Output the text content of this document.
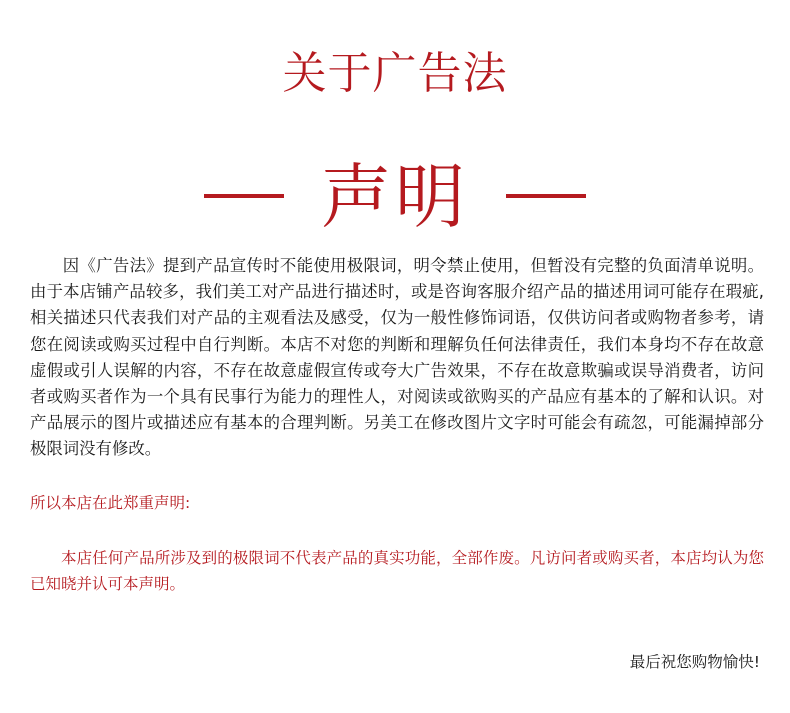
关于广告法
声明

因《广告法》提到产品宣传时不能使用极限词，明令禁止使用，但暂没有完整的负面清单说明。由于本店铺产品较多，我们美工对产品进行描述时，或是咨询客服介绍产品的描述用词可能存在瑕疵,相关描述只代表我们对产品的主观看法及感受，仅为一般性修饰词语，仅供访问者或购物者参考，请您在阅读或购买过程中自行判断。本店不对您的判断和理解负任何法律责任，我们本身均不存在故意虚假或引人误解的内容，不存在故意虚假宣传或夸大广告效果，不存在故意欺骗或误导消费者，访问者或购买者作为一个具有民事行为能力的理性人，对阅读或欲购买的产品应有基本的了解和认识。对产品展示的图片或描述应有基本的合理判断。另美工在修改图片文字时可能会有疏忽，可能漏掉部分极限词没有修改。

所以本店在此郑重声明:

本店任何产品所涉及到的极限词不代表产品的真实功能，全部作废。凡访问者或购买者，本店均认为您已知晓并认可本声明。

最后祝您购物愉快!
